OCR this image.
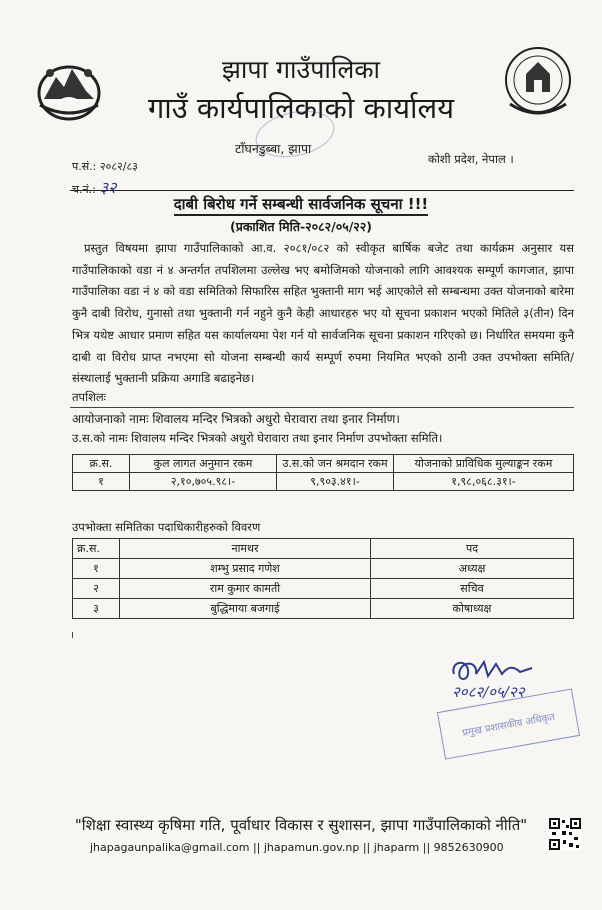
झापा गाउँपालिका
गाउँ कार्यपालिकाको कार्यालय
टाँघनडुब्बा, झापा
कोशी प्रदेश, नेपाल ।
प.सं.: २०८२/८३
च.नं.: ३२
दाबी बिरोध गर्ने सम्बन्धी सार्वजनिक सूचना !!!
(प्रकाशित मिति-२०८२/०५/२२)
प्रस्तुत विषयमा झापा गाउँपालिकाको आ.व. २०८१/०८२ को स्वीकृत बार्षिक बजेट तथा कार्यक्रम अनुसार यस गाउँपालिकाको वडा नं ४ अन्तर्गत तपशिलमा उल्लेख भए बमोजिमको योजनाको लागि आवश्यक सम्पूर्ण कागजात, झापा गाउँपालिका वडा नं ४ को वडा समितिको सिफारिस सहित भुक्तानी माग भई आएकोले सो सम्बन्धमा उक्त योजनाको बारेमा कुनै दाबी विरोध, गुनासो तथा भुक्तानी गर्न नहुने कुनै केही आधारहरु भए यो सूचना प्रकाशन भएको मितिले ३(तीन) दिन भित्र यथेष्ट आधार प्रमाण सहित यस कार्यालयमा पेश गर्न यो सार्वजनिक सूचना प्रकाशन गरिएको छ। निर्धारित समयमा कुनै दाबी वा विरोध प्राप्त नभएमा सो योजना सम्बन्धी कार्य सम्पूर्ण रुपमा नियमित भएको ठानी उक्त उपभोक्ता समिति/संस्थालाई भुक्तानी प्रक्रिया अगाडि बढाइनेछ।
तपशिलः
आयोजनाको नामः शिवालय मन्दिर भित्रको अधुरो घेरावारा तथा इनार निर्माण।
उ.स.को नामः शिवालय मन्दिर भित्रको अधुरो घेरावारा तथा इनार निर्माण उपभोक्ता समिति।
क्र.स.	कुल लागत अनुमान रकम	उ.स.को जन श्रमदान रकम	योजनाको प्राविधिक मुल्याङ्कन रकम
१	२,१०,७०५.९८।-	९,९०३.४१।-	१,९८,०६८.३१।-
उपभोक्ता समितिका पदाधिकारीहरुको विवरण
क्र.स.	नामथर	पद
१	शम्भु प्रसाद गणेश	अध्यक्ष
२	राम कुमार कामती	सचिव
३	बुद्धिमाया बजगाई	कोषाध्यक्ष
२०८२/०५/२२
प्रमुख प्रशासकीय अधिकृत
"शिक्षा स्वास्थ्य कृषिमा गति, पूर्वाधार विकास र सुशासन, झापा गाउँपालिकाको नीति"
jhapagaunpalika@gmail.com || jhapamun.gov.np || jhaparm || 9852630900
